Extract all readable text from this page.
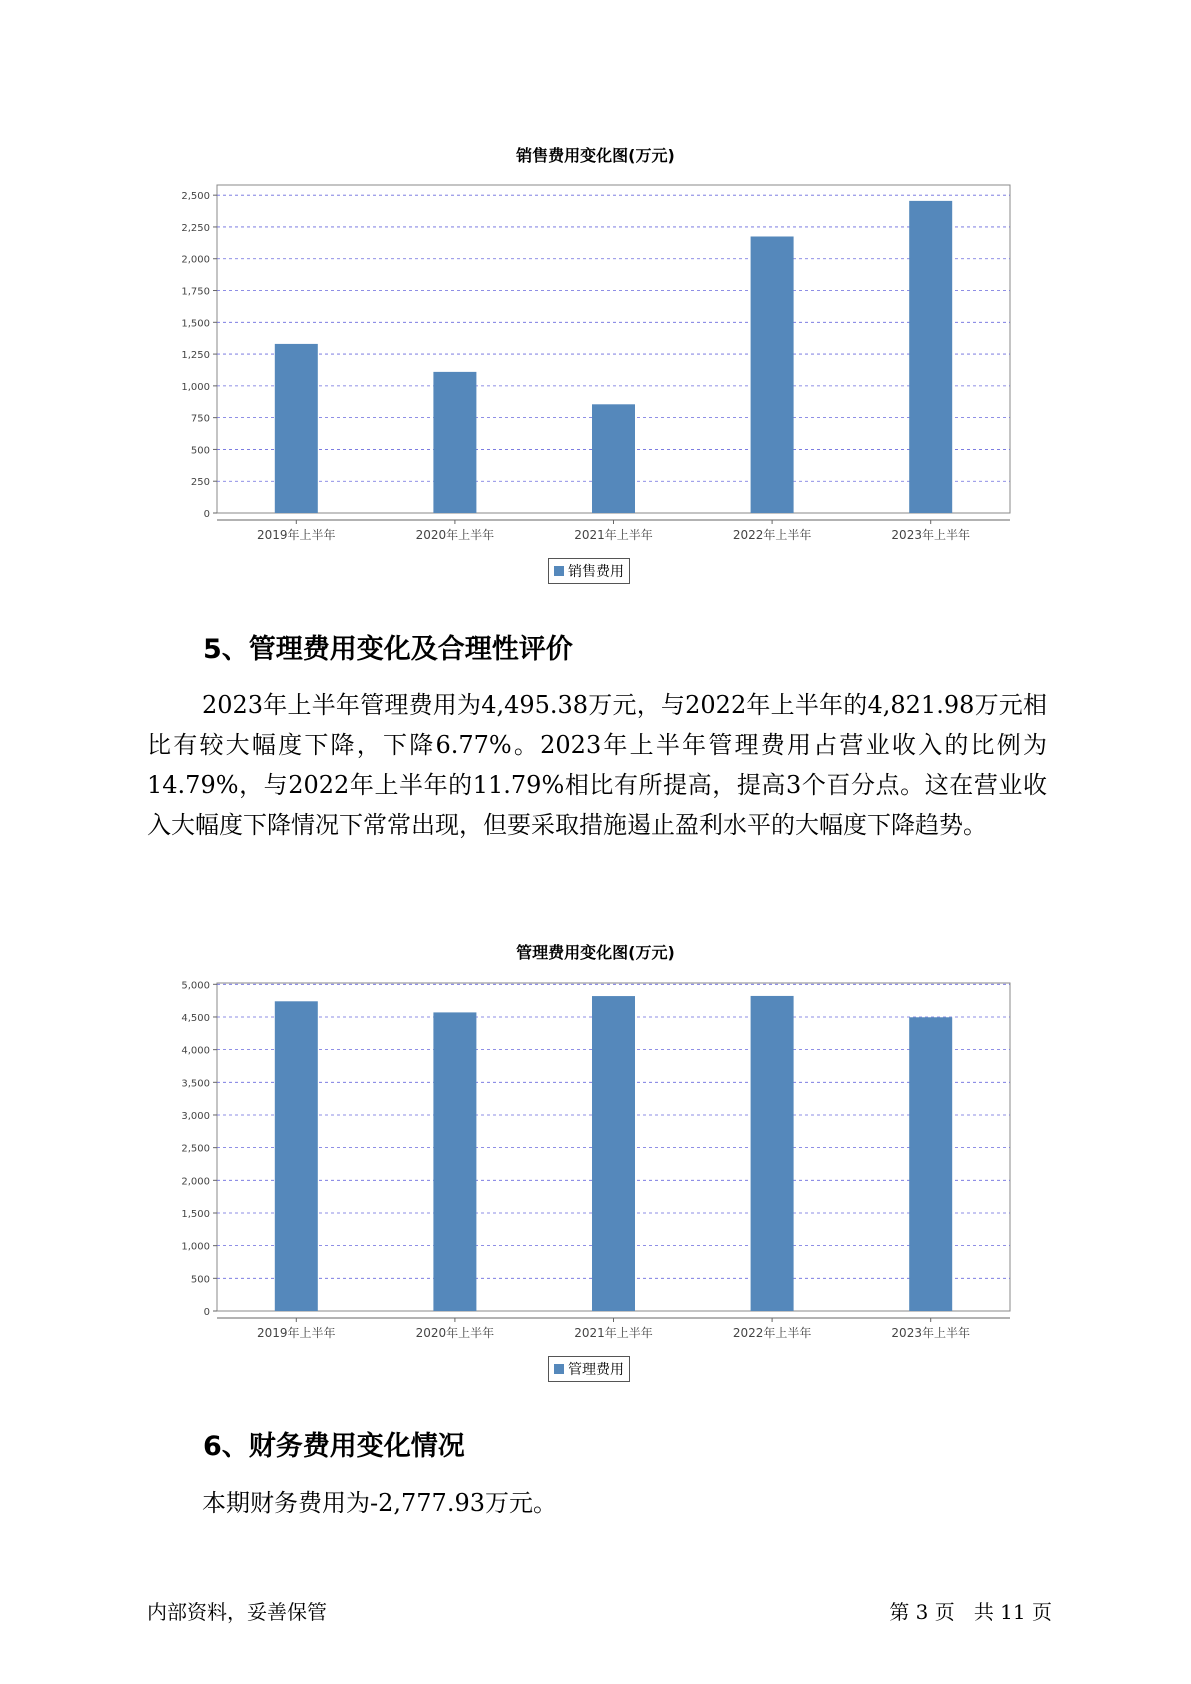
销售费用变化图(万元)
0
250
500
750
1,000
1,250
1,500
1,750
2,000
2,250
2,500
2019年上半年	2020年上半年	2021年上半年	2022年上半年	2023年上半年
销售费用
5、管理费用变化及合理性评价

2023年上半年管理费用为4,495.38万元，与2022年上半年的4,821.98万元相比有较大幅度下降，下降6.77%。2023年上半年管理费用占营业收入的比例为14.79%，与2022年上半年的11.79%相比有所提高，提高3个百分点。这在营业收入大幅度下降情况下常常出现，但要采取措施遏止盈利水平的大幅度下降趋势。

管理费用变化图(万元)
0
500
1,000
1,500
2,000
2,500
3,000
3,500
4,000
4,500
5,000
2019年上半年	2020年上半年	2021年上半年	2022年上半年	2023年上半年
管理费用
6、财务费用变化情况

本期财务费用为-2,777.93万元。

内部资料，妥善保管	第 3 页   共 11 页
